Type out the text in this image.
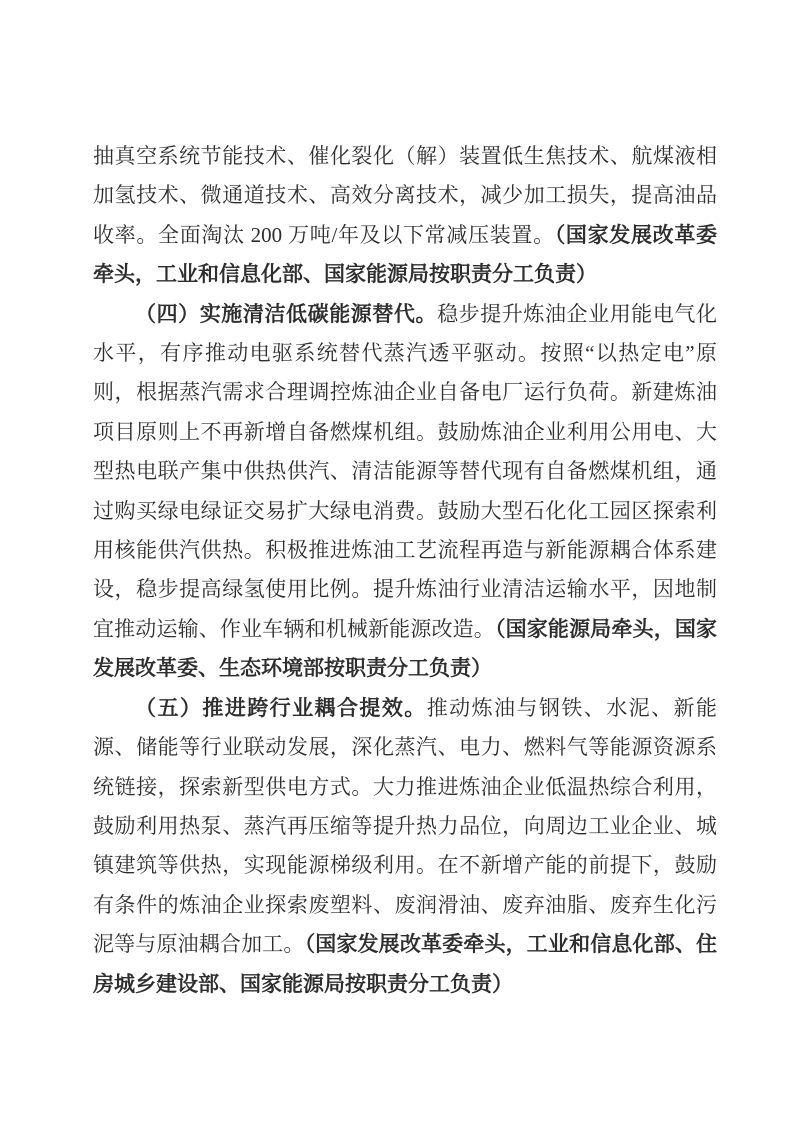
抽真空系统节能技术、催化裂化（解）装置低生焦技术、航煤液相加氢技术、微通道技术、高效分离技术，减少加工损失，提高油品收率。全面淘汰 200 万吨/年及以下常减压装置。（国家发展改革委牵头，工业和信息化部、国家能源局按职责分工负责）

（四）实施清洁低碳能源替代。稳步提升炼油企业用能电气化水平，有序推动电驱系统替代蒸汽透平驱动。按照“以热定电”原则，根据蒸汽需求合理调控炼油企业自备电厂运行负荷。新建炼油项目原则上不再新增自备燃煤机组。鼓励炼油企业利用公用电、大型热电联产集中供热供汽、清洁能源等替代现有自备燃煤机组，通过购买绿电绿证交易扩大绿电消费。鼓励大型石化化工园区探索利用核能供汽供热。积极推进炼油工艺流程再造与新能源耦合体系建设，稳步提高绿氢使用比例。提升炼油行业清洁运输水平，因地制宜推动运输、作业车辆和机械新能源改造。（国家能源局牵头，国家发展改革委、生态环境部按职责分工负责）

（五）推进跨行业耦合提效。推动炼油与钢铁、水泥、新能源、储能等行业联动发展，深化蒸汽、电力、燃料气等能源资源系统链接，探索新型供电方式。大力推进炼油企业低温热综合利用，鼓励利用热泵、蒸汽再压缩等提升热力品位，向周边工业企业、城镇建筑等供热，实现能源梯级利用。在不新增产能的前提下，鼓励有条件的炼油企业探索废塑料、废润滑油、废弃油脂、废弃生化污泥等与原油耦合加工。（国家发展改革委牵头，工业和信息化部、住房城乡建设部、国家能源局按职责分工负责）
